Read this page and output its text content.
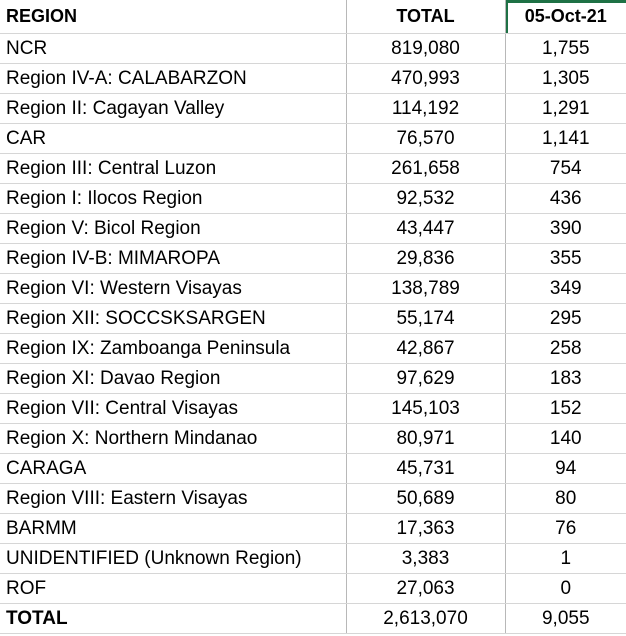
REGION	TOTAL	05-Oct-21
NCR	819,080	1,755
Region IV-A: CALABARZON	470,993	1,305
Region II: Cagayan Valley	114,192	1,291
CAR	76,570	1,141
Region III: Central Luzon	261,658	754
Region I: Ilocos Region	92,532	436
Region V: Bicol Region	43,447	390
Region IV-B: MIMAROPA	29,836	355
Region VI: Western Visayas	138,789	349
Region XII: SOCCSKSARGEN	55,174	295
Region IX: Zamboanga Peninsula	42,867	258
Region XI: Davao Region	97,629	183
Region VII: Central Visayas	145,103	152
Region X: Northern Mindanao	80,971	140
CARAGA	45,731	94
Region VIII: Eastern Visayas	50,689	80
BARMM	17,363	76
UNIDENTIFIED (Unknown Region)	3,383	1
ROF	27,063	0
TOTAL	2,613,070	9,055
